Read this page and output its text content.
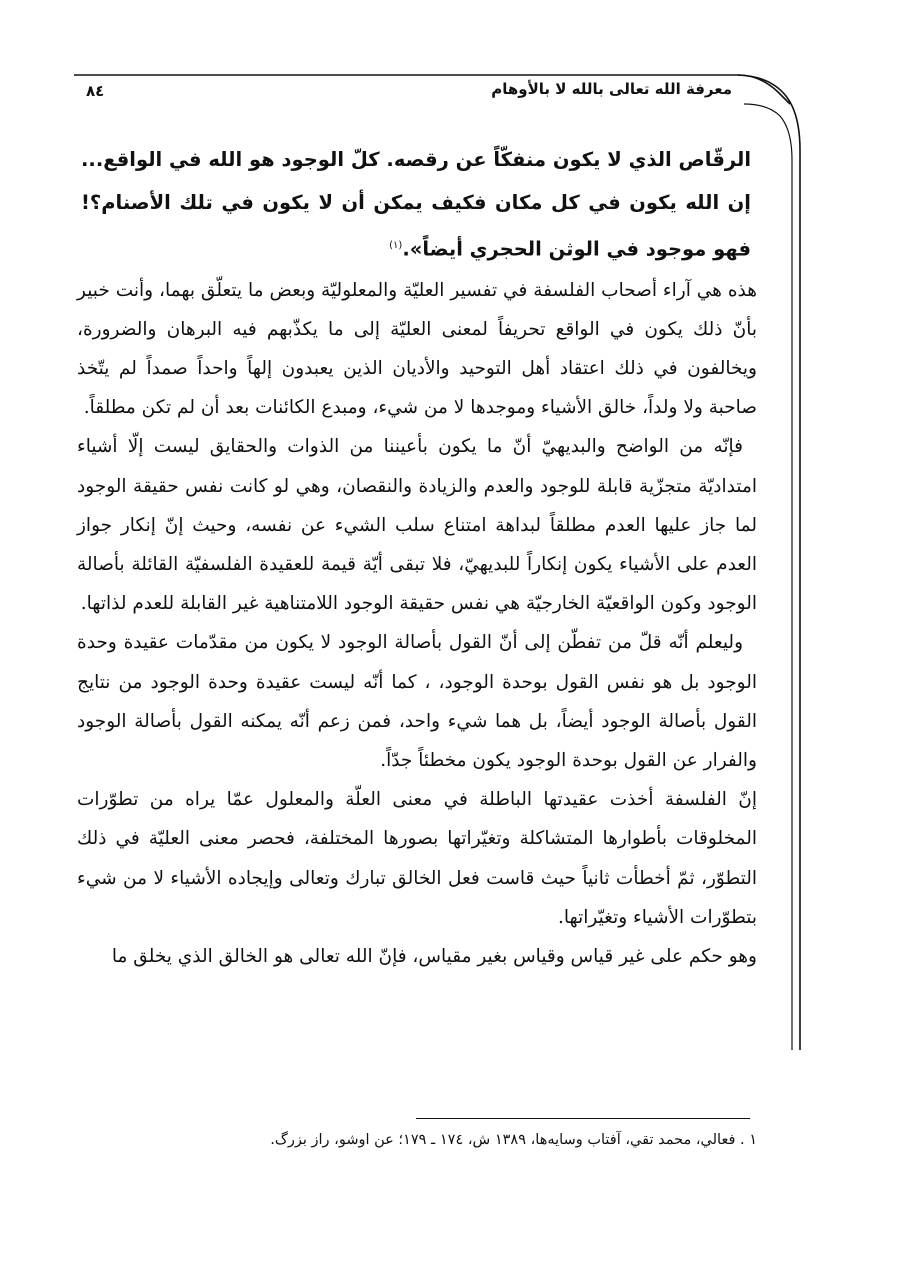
معرفة الله تعالى بالله لا بالأوهام
٨٤

الرقّاص الذي لا يكون منفكّاً عن رقصه. كلّ الوجود هو الله في الواقع... إن الله يكون في كل مكان فكيف يمكن أن لا يكون في تلك الأصنام؟! فهو موجود في الوثن الحجري أيضاً».$^{(١)}$

هذه هي آراء أصحاب الفلسفة في تفسير العليّة والمعلوليّة وبعض ما يتعلّق بهما، وأنت خبير بأنّ ذلك يكون في الواقع تحريفاً لمعنى العليّة إلى ما يكذّبهم فيه البرهان والضرورة، ويخالفون في ذلك اعتقاد أهل التوحيد والأديان الذين يعبدون إلهاً واحداً صمداً لم يتّخذ صاحبة ولا ولداً، خالق الأشياء وموجدها لا من شيء، ومبدع الكائنات بعد أن لم تكن مطلقاً.

فإنّه من الواضح والبديهيّ أنّ ما يكون بأعيننا من الذوات والحقايق ليست إلّا أشياء امتداديّة متجزّية قابلة للوجود والعدم والزيادة والنقصان، وهي لو كانت نفس حقيقة الوجود لما جاز عليها العدم مطلقاً لبداهة امتناع سلب الشيء عن نفسه، وحيث إنّ إنكار جواز العدم على الأشياء يكون إنكاراً للبديهيّ، فلا تبقى أيّة قيمة للعقيدة الفلسفيّة القائلة بأصالة الوجود وكون الواقعيّة الخارجيّة هي نفس حقيقة الوجود اللامتناهية غير القابلة للعدم لذاتها.

وليعلم أنّه قلّ من تفطّن إلى أنّ القول بأصالة الوجود لا يكون من مقدّمات عقيدة وحدة الوجود بل هو نفس القول بوحدة الوجود، ، كما أنّه ليست عقيدة وحدة الوجود من نتايج القول بأصالة الوجود أيضاً، بل هما شيء واحد، فمن زعم أنّه يمكنه القول بأصالة الوجود والفرار عن القول بوحدة الوجود يكون مخطئاً جدّاً.

إنّ الفلسفة أخذت عقيدتها الباطلة في معنى العلّة والمعلول عمّا يراه من تطوّرات المخلوقات بأطوارها المتشاكلة وتغيّراتها بصورها المختلفة، فحصر معنى العليّة في ذلك التطوّر، ثمّ أخطأت ثانياً حيث قاست فعل الخالق تبارك وتعالى وإيجاده الأشياء لا من شيء بتطوّرات الأشياء وتغيّراتها.

وهو حكم على غير قياس وقياس بغير مقياس، فإنّ الله تعالى هو الخالق الذي يخلق ما

١ . فعالي، محمد تقي، آفتاب وسايه‌ها، ١٣٨٩ ش، ١٧٤ ـ ١٧٩؛ عن اوشو، راز بزرگ.
